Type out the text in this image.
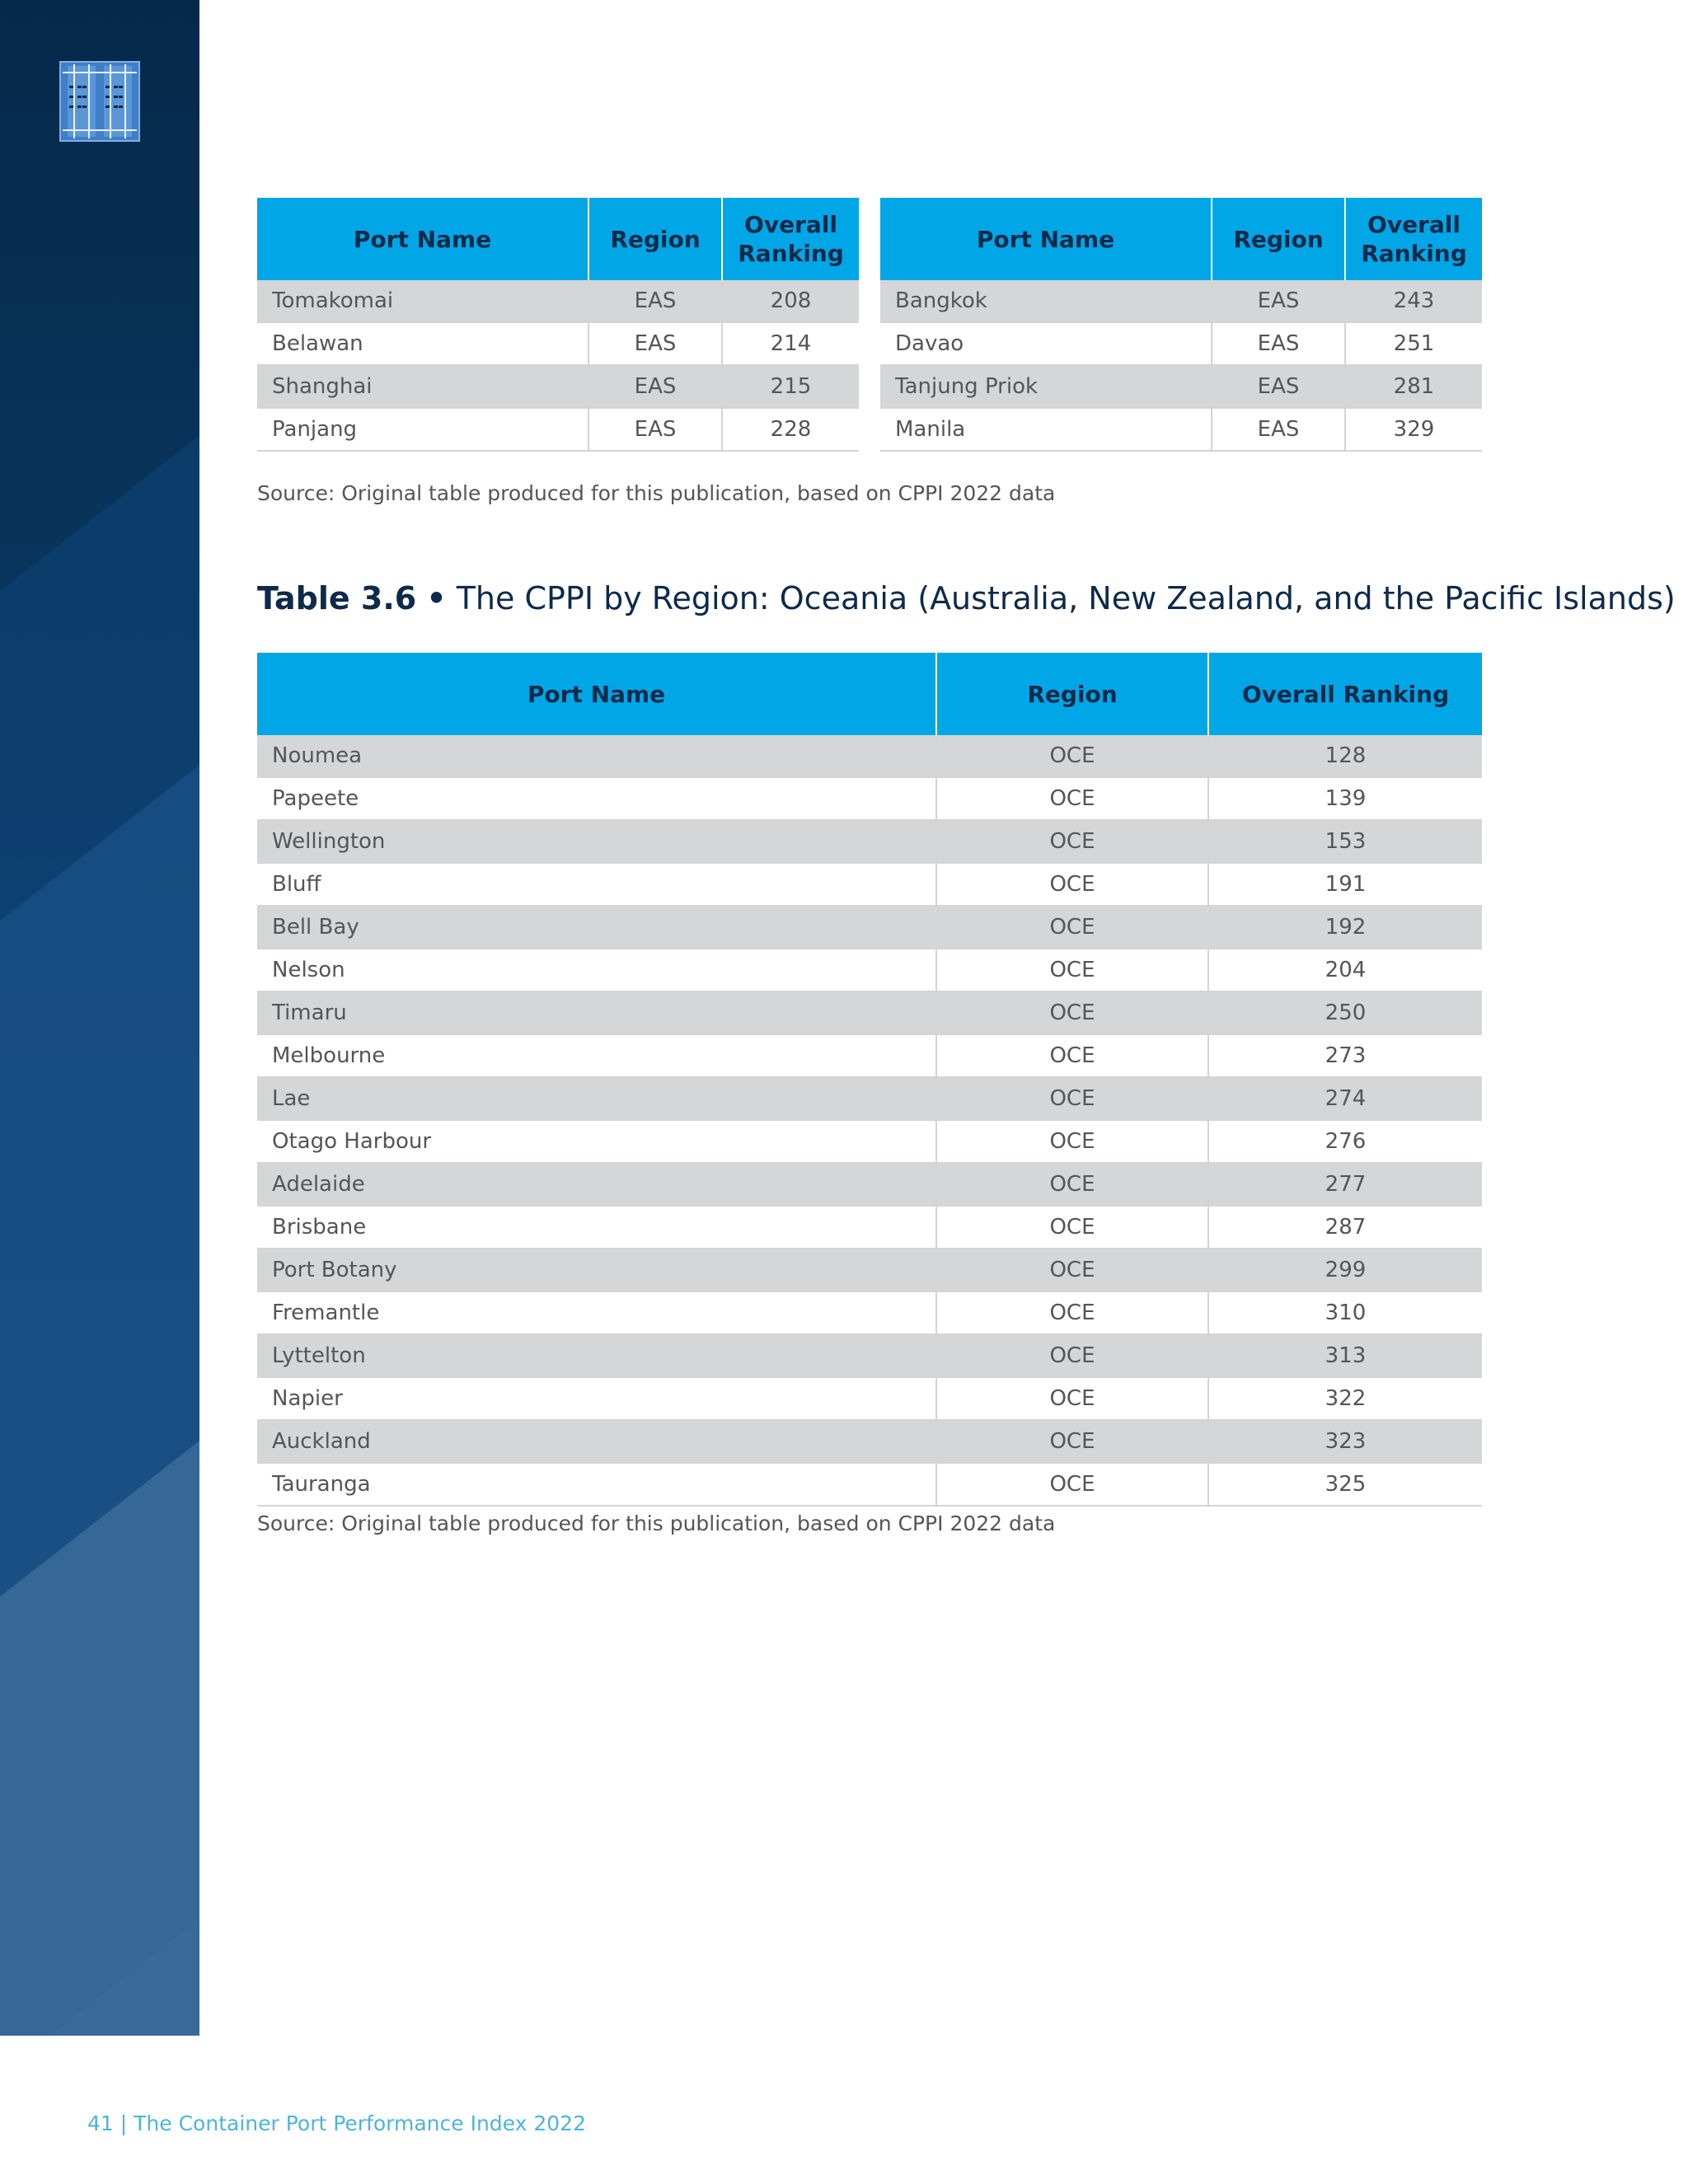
Port Name	Region	Overall Ranking
Tomakomai	EAS	208
Belawan	EAS	214
Shanghai	EAS	215
Panjang	EAS	228
Port Name	Region	Overall Ranking
Bangkok	EAS	243
Davao	EAS	251
Tanjung Priok	EAS	281
Manila	EAS	329
Source: Original table produced for this publication, based on CPPI 2022 data
Table 3.6 • The CPPI by Region: Oceania (Australia, New Zealand, and the Pacific Islands)
Port Name	Region	Overall Ranking
Noumea	OCE	128
Papeete	OCE	139
Wellington	OCE	153
Bluff	OCE	191
Bell Bay	OCE	192
Nelson	OCE	204
Timaru	OCE	250
Melbourne	OCE	273
Lae	OCE	274
Otago Harbour	OCE	276
Adelaide	OCE	277
Brisbane	OCE	287
Port Botany	OCE	299
Fremantle	OCE	310
Lyttelton	OCE	313
Napier	OCE	322
Auckland	OCE	323
Tauranga	OCE	325
Source: Original table produced for this publication, based on CPPI 2022 data
41 | The Container Port Performance Index 2022
